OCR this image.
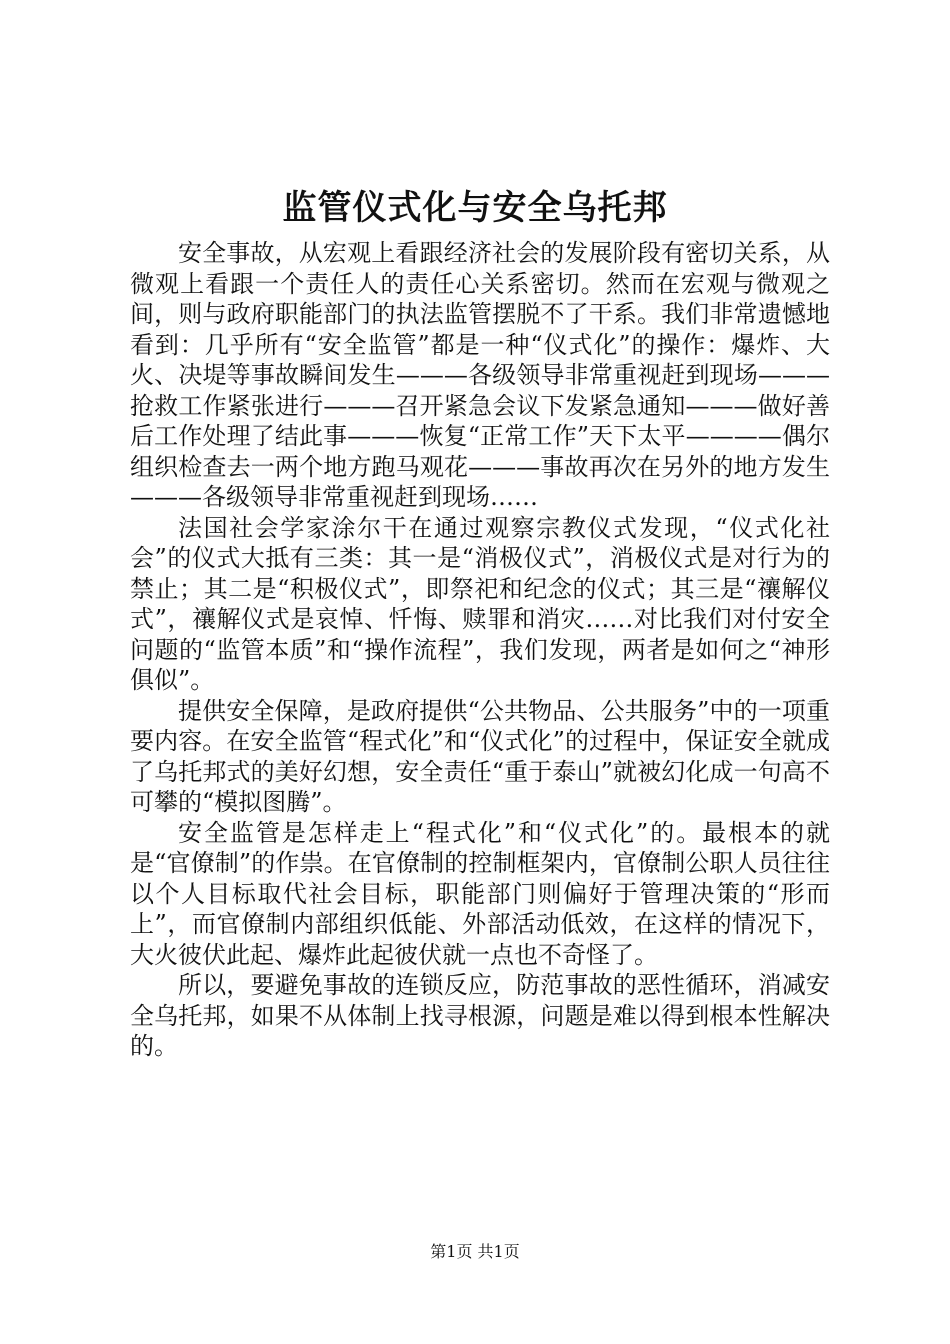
监管仪式化与安全乌托邦

安全事故，从宏观上看跟经济社会的发展阶段有密切关系，从微观上看跟一个责任人的责任心关系密切。然而在宏观与微观之间，则与政府职能部门的执法监管摆脱不了干系。我们非常遗憾地看到：几乎所有“安全监管”都是一种“仪式化”的操作：爆炸、大火、决堤等事故瞬间发生———各级领导非常重视赶到现场———抢救工作紧张进行———召开紧急会议下发紧急通知———做好善后工作处理了结此事———恢复“正常工作”天下太平————偶尔组织检查去一两个地方跑马观花———事故再次在另外的地方发生———各级领导非常重视赶到现场……

法国社会学家涂尔干在通过观察宗教仪式发现，“仪式化社会”的仪式大抵有三类：其一是“消极仪式”，消极仪式是对行为的禁止；其二是“积极仪式”，即祭祀和纪念的仪式；其三是“禳解仪式”，禳解仪式是哀悼、忏悔、赎罪和消灾……对比我们对付安全问题的“监管本质”和“操作流程”，我们发现，两者是如何之“神形俱似”。

提供安全保障，是政府提供“公共物品、公共服务”中的一项重要内容。在安全监管“程式化”和“仪式化”的过程中，保证安全就成了乌托邦式的美好幻想，安全责任“重于泰山”就被幻化成一句高不可攀的“模拟图腾”。

安全监管是怎样走上“程式化”和“仪式化”的。最根本的就是“官僚制”的作祟。在官僚制的控制框架内，官僚制公职人员往往以个人目标取代社会目标，职能部门则偏好于管理决策的“形而上”，而官僚制内部组织低能、外部活动低效，在这样的情况下，大火彼伏此起、爆炸此起彼伏就一点也不奇怪了。

所以，要避免事故的连锁反应，防范事故的恶性循环，消减安全乌托邦，如果不从体制上找寻根源，问题是难以得到根本性解决的。

第1页 共1页
